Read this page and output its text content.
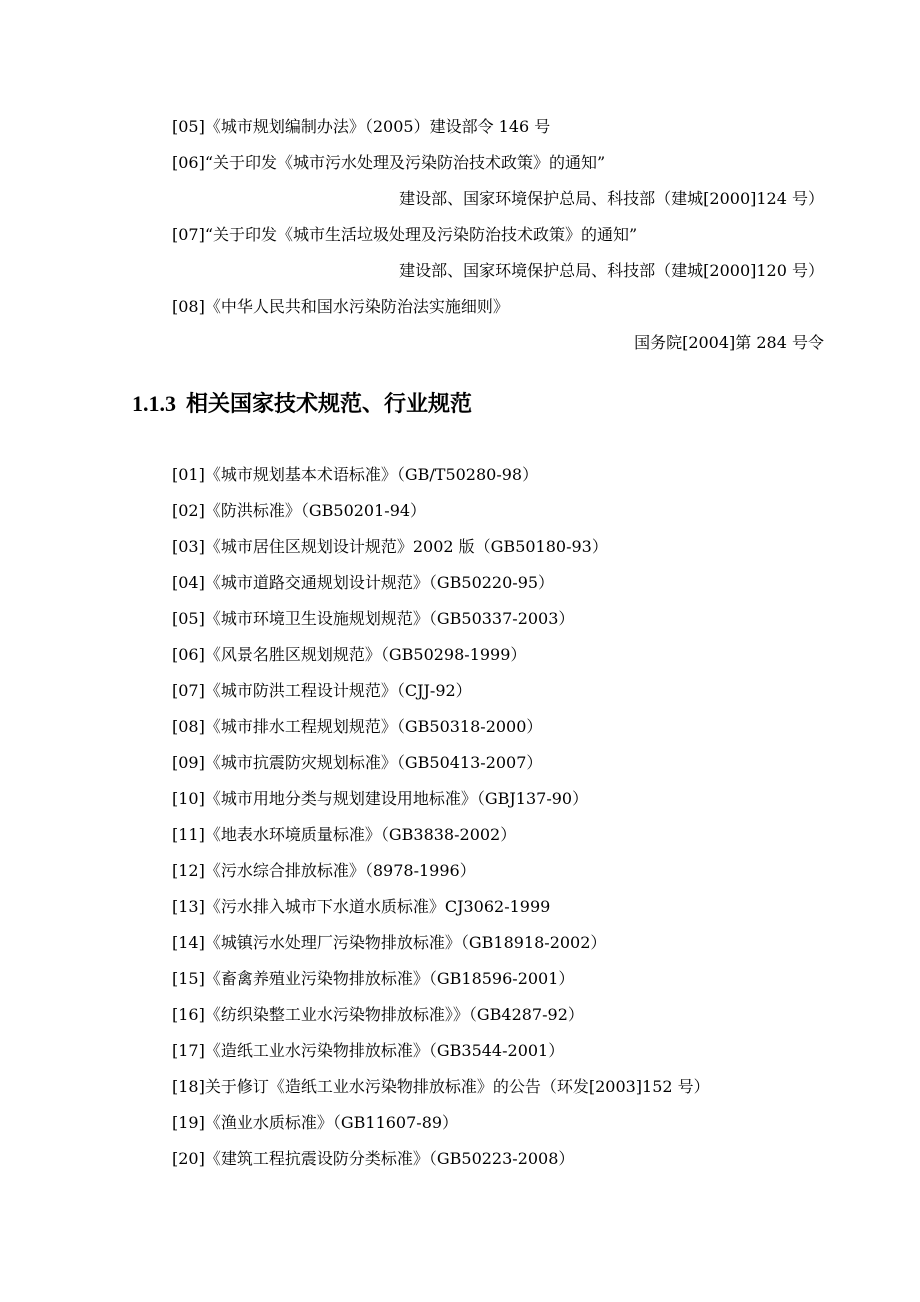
[05]《城市规划编制办法》（2005）建设部令 146 号
[06]“关于印发《城市污水处理及污染防治技术政策》的通知”
建设部、国家环境保护总局、科技部（建城[2000]124 号）
[07]“关于印发《城市生活垃圾处理及污染防治技术政策》的通知”
建设部、国家环境保护总局、科技部（建城[2000]120 号）
[08]《中华人民共和国水污染防治法实施细则》
国务院[2004]第 284 号令
1.1.3 相关国家技术规范、行业规范
[01]《城市规划基本术语标准》（GB/T50280-98）
[02]《防洪标准》（GB50201-94）
[03]《城市居住区规划设计规范》2002 版（GB50180-93）
[04]《城市道路交通规划设计规范》（GB50220-95）
[05]《城市环境卫生设施规划规范》（GB50337-2003）
[06]《风景名胜区规划规范》（GB50298-1999）
[07]《城市防洪工程设计规范》（CJJ-92）
[08]《城市排水工程规划规范》（GB50318-2000）
[09]《城市抗震防灾规划标准》（GB50413-2007）
[10]《城市用地分类与规划建设用地标准》（GBJ137-90）
[11]《地表水环境质量标准》（GB3838-2002）
[12]《污水综合排放标准》（8978-1996）
[13]《污水排入城市下水道水质标准》CJ3062-1999
[14]《城镇污水处理厂污染物排放标准》（GB18918-2002）
[15]《畜禽养殖业污染物排放标准》（GB18596-2001）
[16]《纺织染整工业水污染物排放标准》》（GB4287-92）
[17]《造纸工业水污染物排放标准》（GB3544-2001）
[18]关于修订《造纸工业水污染物排放标准》的公告（环发[2003]152 号）
[19]《渔业水质标准》（GB11607-89）
[20]《建筑工程抗震设防分类标准》（GB50223-2008）
